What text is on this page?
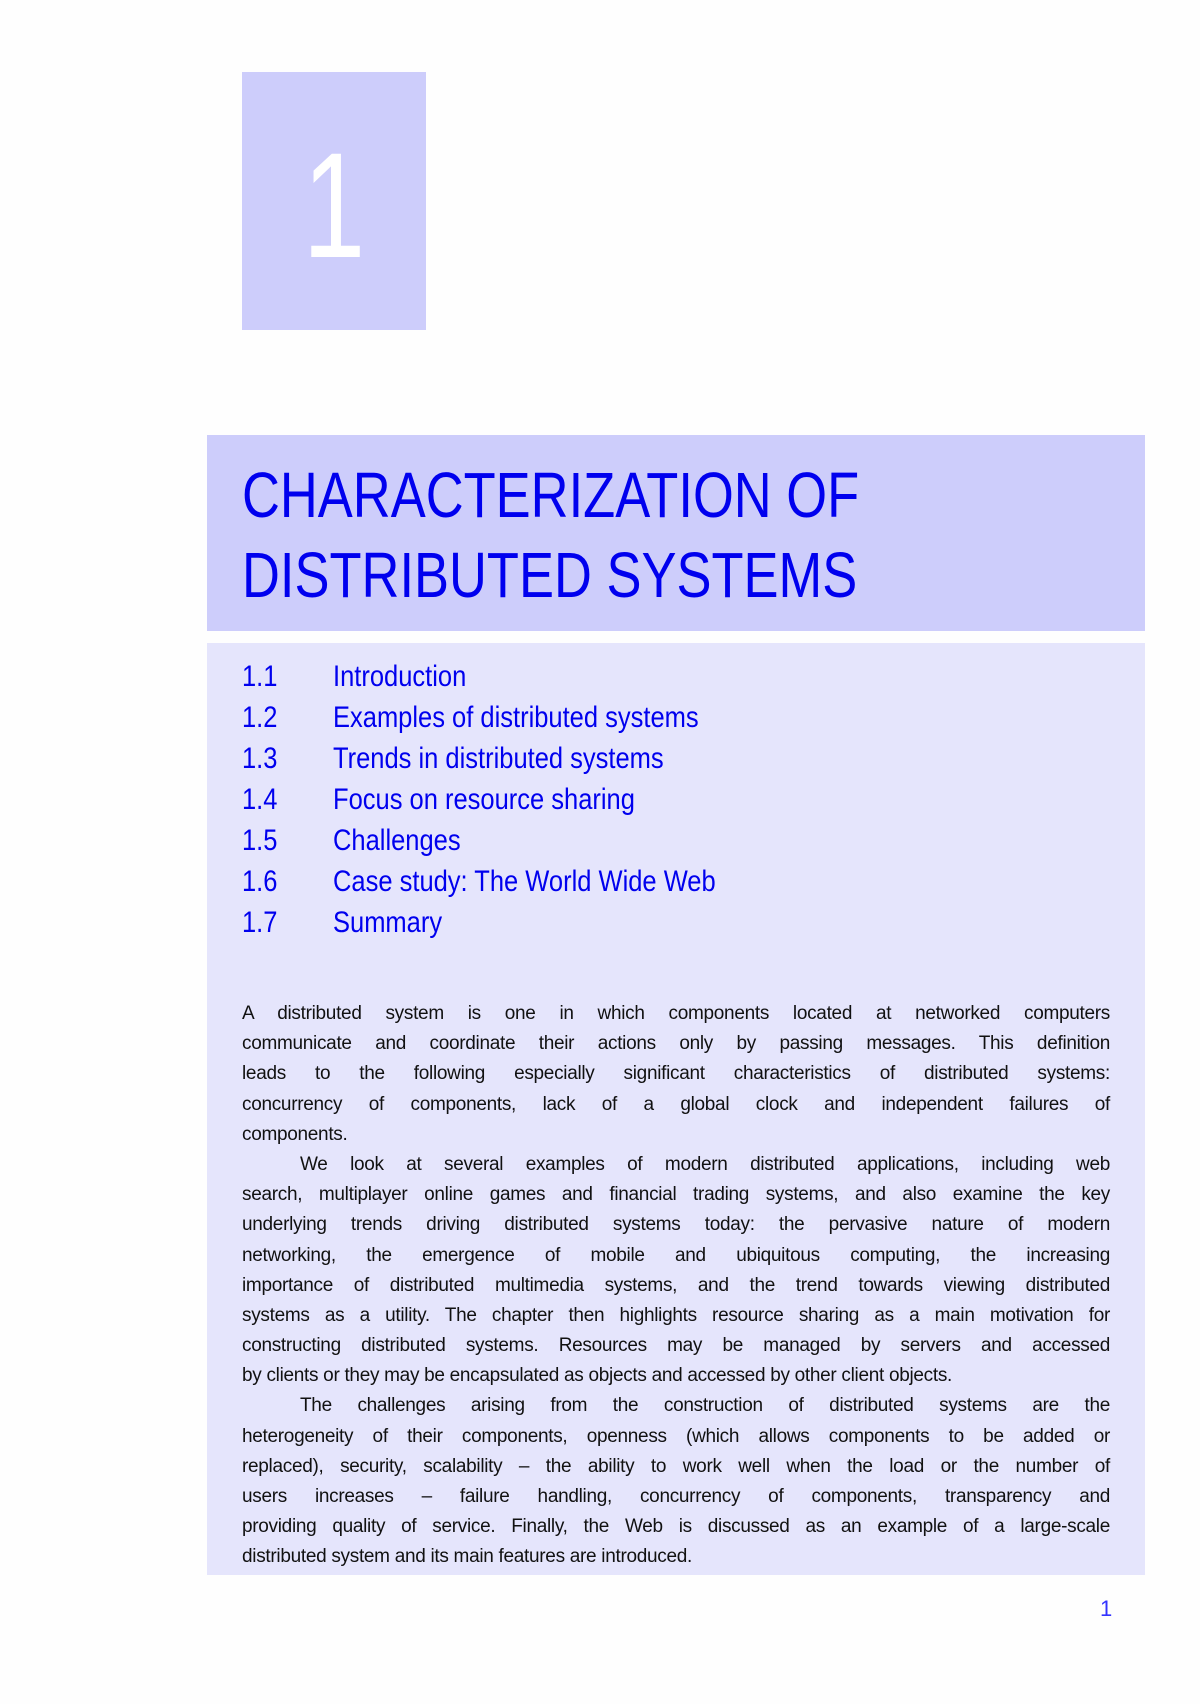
1
CHARACTERIZATION OF
DISTRIBUTED SYSTEMS
1.1 Introduction
1.2 Examples of distributed systems
1.3 Trends in distributed systems
1.4 Focus on resource sharing
1.5 Challenges
1.6 Case study: The World Wide Web
1.7 Summary
A distributed system is one in which components located at networked computers
communicate and coordinate their actions only by passing messages. This definition
leads to the following especially significant characteristics of distributed systems:
concurrency of components, lack of a global clock and independent failures of
components.
We look at several examples of modern distributed applications, including web
search, multiplayer online games and financial trading systems, and also examine the key
underlying trends driving distributed systems today: the pervasive nature of modern
networking, the emergence of mobile and ubiquitous computing, the increasing
importance of distributed multimedia systems, and the trend towards viewing distributed
systems as a utility. The chapter then highlights resource sharing as a main motivation for
constructing distributed systems. Resources may be managed by servers and accessed
by clients or they may be encapsulated as objects and accessed by other client objects.
The challenges arising from the construction of distributed systems are the
heterogeneity of their components, openness (which allows components to be added or
replaced), security, scalability – the ability to work well when the load or the number of
users increases – failure handling, concurrency of components, transparency and
providing quality of service. Finally, the Web is discussed as an example of a large-scale
distributed system and its main features are introduced.
1
